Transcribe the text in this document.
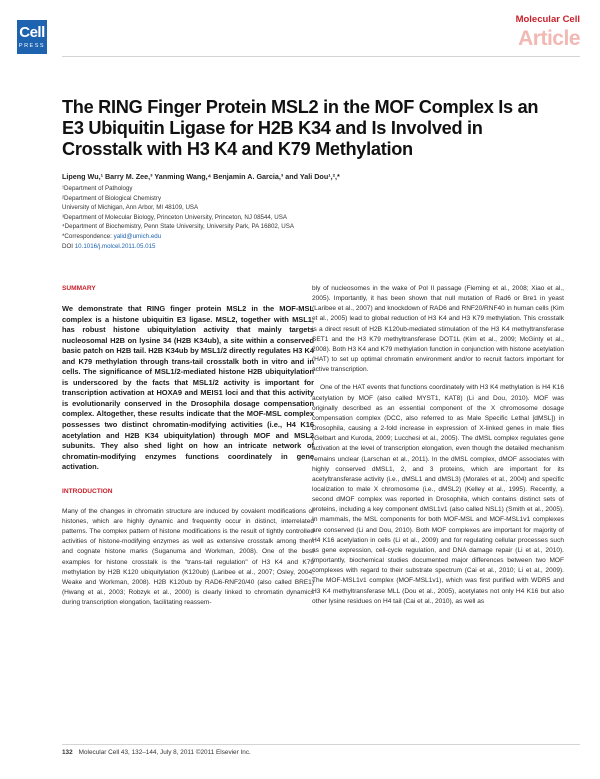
Cell
PRESS
Molecular Cell
Article
The RING Finger Protein MSL2 in the MOF Complex Is an E3 Ubiquitin Ligase for H2B K34 and Is Involved in Crosstalk with H3 K4 and K79 Methylation
Lipeng Wu,¹ Barry M. Zee,³ Yanming Wang,⁴ Benjamin A. Garcia,³ and Yali Dou¹,²,*
¹Department of Pathology
²Department of Biological Chemistry
University of Michigan, Ann Arbor, MI 48109, USA
³Department of Molecular Biology, Princeton University, Princeton, NJ 08544, USA
⁴Department of Biochemistry, Penn State University, University Park, PA 16802, USA
*Correspondence: yalid@umich.edu
DOI 10.1016/j.molcel.2011.05.015
SUMMARY

We demonstrate that RING finger protein MSL2 in the MOF-MSL complex is a histone ubiquitin E3 ligase. MSL2, together with MSL1, has robust histone ubiquitylation activity that mainly targets nucleosomal H2B on lysine 34 (H2B K34ub), a site within a conserved basic patch on H2B tail. H2B K34ub by MSL1/2 directly regulates H3 K4 and K79 methylation through trans-tail crosstalk both in vitro and in cells. The significance of MSL1/2-mediated histone H2B ubiquitylation is underscored by the facts that MSL1/2 activity is important for transcription activation at HOXA9 and MEIS1 loci and that this activity is evolutionarily conserved in the Drosophila dosage compensation complex. Altogether, these results indicate that the MOF-MSL complex possesses two distinct chromatin-modifying activities (i.e., H4 K16 acetylation and H2B K34 ubiquitylation) through MOF and MSL2 subunits. They also shed light on how an intricate network of chromatin-modifying enzymes functions coordinately in gene activation.

INTRODUCTION

Many of the changes in chromatin structure are induced by covalent modifications of histones, which are highly dynamic and frequently occur in distinct, interrelated patterns. The complex pattern of histone modifications is the result of tightly controlled activities of histone-modifying enzymes as well as extensive crosstalk among them and cognate histone marks (Suganuma and Workman, 2008). One of the best examples for histone crosstalk is the "trans-tail regulation" of H3 K4 and K79 methylation by H2B K120 ubiquitylation (K120ub) (Laribee et al., 2007; Osley, 2004; Weake and Workman, 2008). H2B K120ub by RAD6-RNF20/40 (also called BRE1) (Hwang et al., 2003; Robzyk et al., 2000) is clearly linked to chromatin dynamics during transcription elongation, facilitating reassem-

bly of nucleosomes in the wake of Pol II passage (Fleming et al., 2008; Xiao et al., 2005). Importantly, it has been shown that null mutation of Rad6 or Bre1 in yeast (Laribee et al., 2007) and knockdown of RAD6 and RNF20/RNF40 in human cells (Kim et al., 2005) lead to global reduction of H3 K4 and H3 K79 methylation. This crosstalk is a direct result of H2B K120ub-mediated stimulation of the H3 K4 methyltransferase SET1 and the H3 K79 methyltransferase DOT1L (Kim et al., 2009; McGinty et al., 2008). Both H3 K4 and K79 methylation function in conjunction with histone acetylation (HAT) to set up optimal chromatin environment and/or to recruit factors important for active transcription.

One of the HAT events that functions coordinately with H3 K4 methylation is H4 K16 acetylation by MOF (also called MYST1, KAT8) (Li and Dou, 2010). MOF was originally described as an essential component of the X chromosome dosage compensation complex (DCC, also referred to as Male Specific Lethal [dMSL]) in Drosophila, causing a 2-fold increase in expression of X-linked genes in male flies (Gelbart and Kuroda, 2009; Lucchesi et al., 2005). The dMSL complex regulates gene activation at the level of transcription elongation, even though the detailed mechanism remains unclear (Larschan et al., 2011). In the dMSL complex, dMOF associates with highly conserved dMSL1, 2, and 3 proteins, which are important for its acetyltransferase activity (i.e., dMSL1 and dMSL3) (Morales et al., 2004) and specific localization to male X chromosome (i.e., dMSL2) (Kelley et al., 1995). Recently, a second dMOF complex was reported in Drosophila, which contains distinct sets of proteins, including a key component dMSL1v1 (also called NSL1) (Smith et al., 2005). In mammals, the MSL components for both MOF-MSL and MOF-MSL1v1 complexes are conserved (Li and Dou, 2010). Both MOF complexes are important for majority of H4 K16 acetylation in cells (Li et al., 2009) and for regulating cellular processes such as gene expression, cell-cycle regulation, and DNA damage repair (Li et al., 2010). Importantly, biochemical studies documented major differences between two MOF complexes with regard to their substrate spectrum (Cai et al., 2010; Li et al., 2009). The MOF-MSL1v1 complex (MOF-MSL1v1), which was first purified with WDR5 and H3 K4 methyltransferase MLL (Dou et al., 2005), acetylates not only H4 K16 but also other lysine residues on H4 tail (Cai et al., 2010), as well as

132 Molecular Cell 43, 132–144, July 8, 2011 ©2011 Elsevier Inc.
